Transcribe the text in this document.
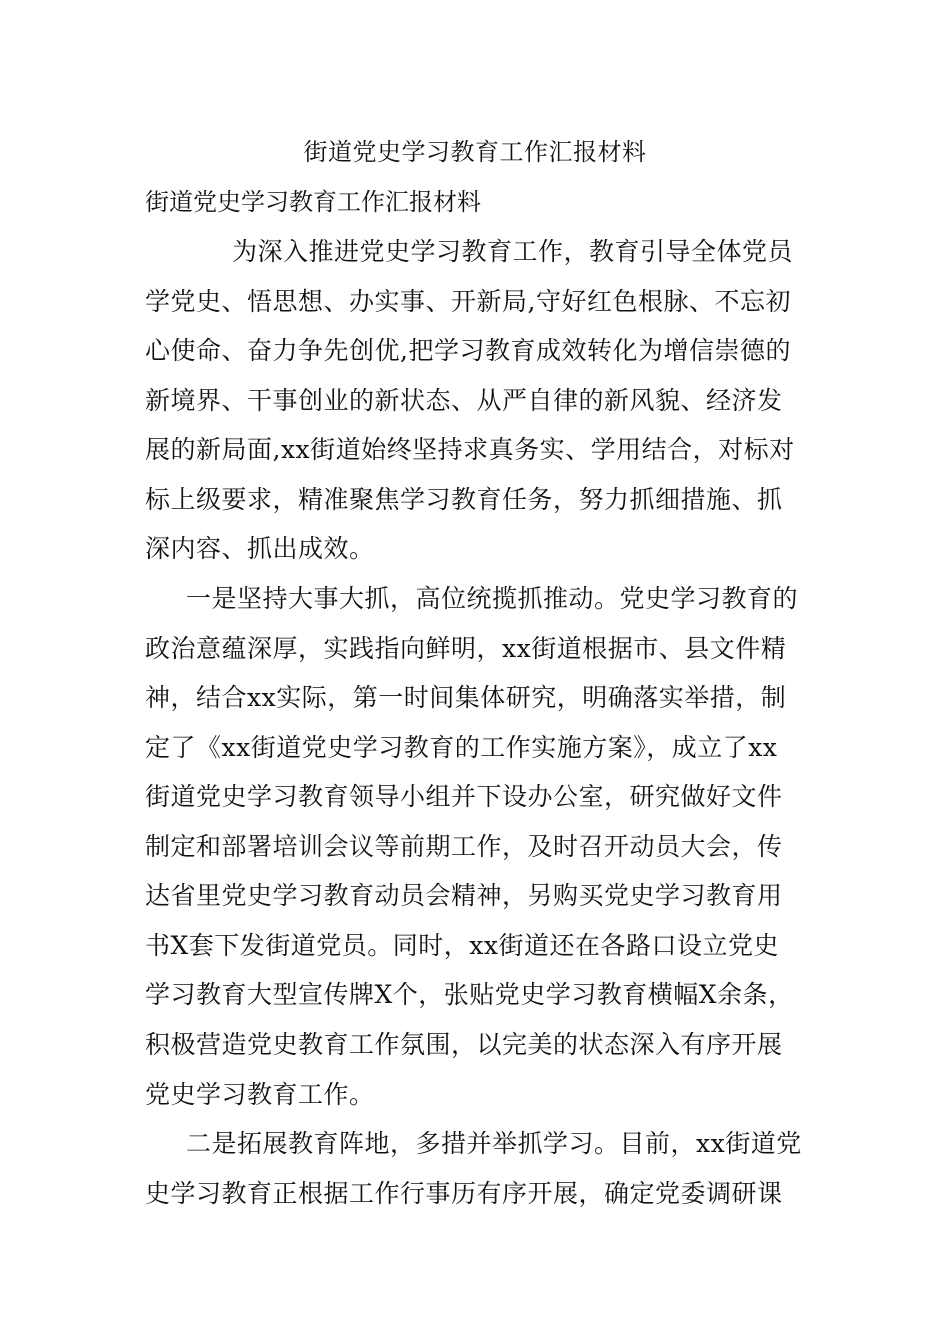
街道党史学习教育工作汇报材料
街道党史学习教育工作汇报材料
为深入推进党史学习教育工作，教育引导全体党员
学党史、悟思想、办实事、开新局,守好红色根脉、不忘初
心使命、奋力争先创优,把学习教育成效转化为增信崇德的
新境界、干事创业的新状态、从严自律的新风貌、经济发
展的新局面,xx街道始终坚持求真务实、学用结合，对标对
标上级要求，精准聚焦学习教育任务，努力抓细措施、抓
深内容、抓出成效。
一是坚持大事大抓，高位统揽抓推动。党史学习教育的
政治意蕴深厚，实践指向鲜明，xx街道根据市、县文件精
神，结合xx实际，第一时间集体研究，明确落实举措，制
定了《xx街道党史学习教育的工作实施方案》，成立了xx
街道党史学习教育领导小组并下设办公室，研究做好文件
制定和部署培训会议等前期工作，及时召开动员大会，传
达省里党史学习教育动员会精神，另购买党史学习教育用
书X套下发街道党员。同时，xx街道还在各路口设立党史
学习教育大型宣传牌X个，张贴党史学习教育横幅X余条，
积极营造党史教育工作氛围，以完美的状态深入有序开展
党史学习教育工作。
二是拓展教育阵地，多措并举抓学习。目前，xx街道党
史学习教育正根据工作行事历有序开展，确定党委调研课
